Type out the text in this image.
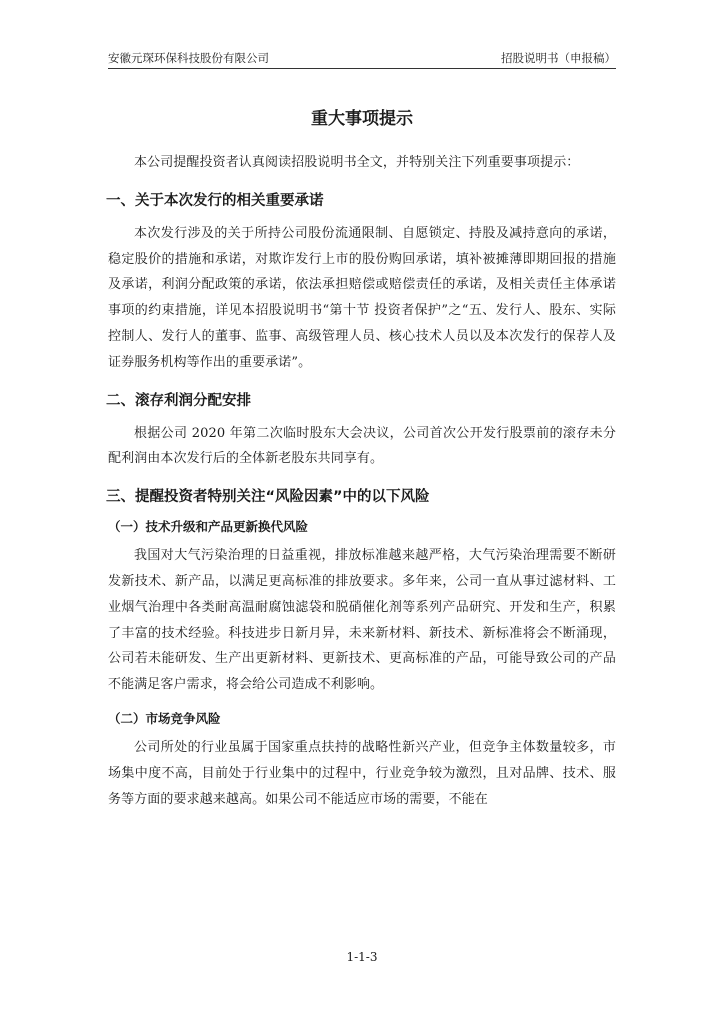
安徽元琛环保科技股份有限公司	招股说明书（申报稿）
重大事项提示

本公司提醒投资者认真阅读招股说明书全文，并特别关注下列重要事项提示：

一、关于本次发行的相关重要承诺

本次发行涉及的关于所持公司股份流通限制、自愿锁定、持股及减持意向的承诺，稳定股价的措施和承诺，对欺诈发行上市的股份购回承诺，填补被摊薄即期回报的措施及承诺，利润分配政策的承诺，依法承担赔偿或赔偿责任的承诺，及相关责任主体承诺事项的约束措施，详见本招股说明书“第十节 投资者保护”之“五、发行人、股东、实际控制人、发行人的董事、监事、高级管理人员、核心技术人员以及本次发行的保荐人及证券服务机构等作出的重要承诺”。

二、滚存利润分配安排

根据公司 2020 年第二次临时股东大会决议，公司首次公开发行股票前的滚存未分配利润由本次发行后的全体新老股东共同享有。

三、提醒投资者特别关注“风险因素”中的以下风险
（一）技术升级和产品更新换代风险

我国对大气污染治理的日益重视，排放标准越来越严格，大气污染治理需要不断研发新技术、新产品，以满足更高标准的排放要求。多年来，公司一直从事过滤材料、工业烟气治理中各类耐高温耐腐蚀滤袋和脱硝催化剂等系列产品研究、开发和生产，积累了丰富的技术经验。科技进步日新月异，未来新材料、新技术、新标准将会不断涌现，公司若未能研发、生产出更新材料、更新技术、更高标准的产品，可能导致公司的产品不能满足客户需求，将会给公司造成不利影响。

（二）市场竞争风险

公司所处的行业虽属于国家重点扶持的战略性新兴产业，但竞争主体数量较多，市场集中度不高，目前处于行业集中的过程中，行业竞争较为激烈，且对品牌、技术、服务等方面的要求越来越高。如果公司不能适应市场的需要，不能在

1-1-3
